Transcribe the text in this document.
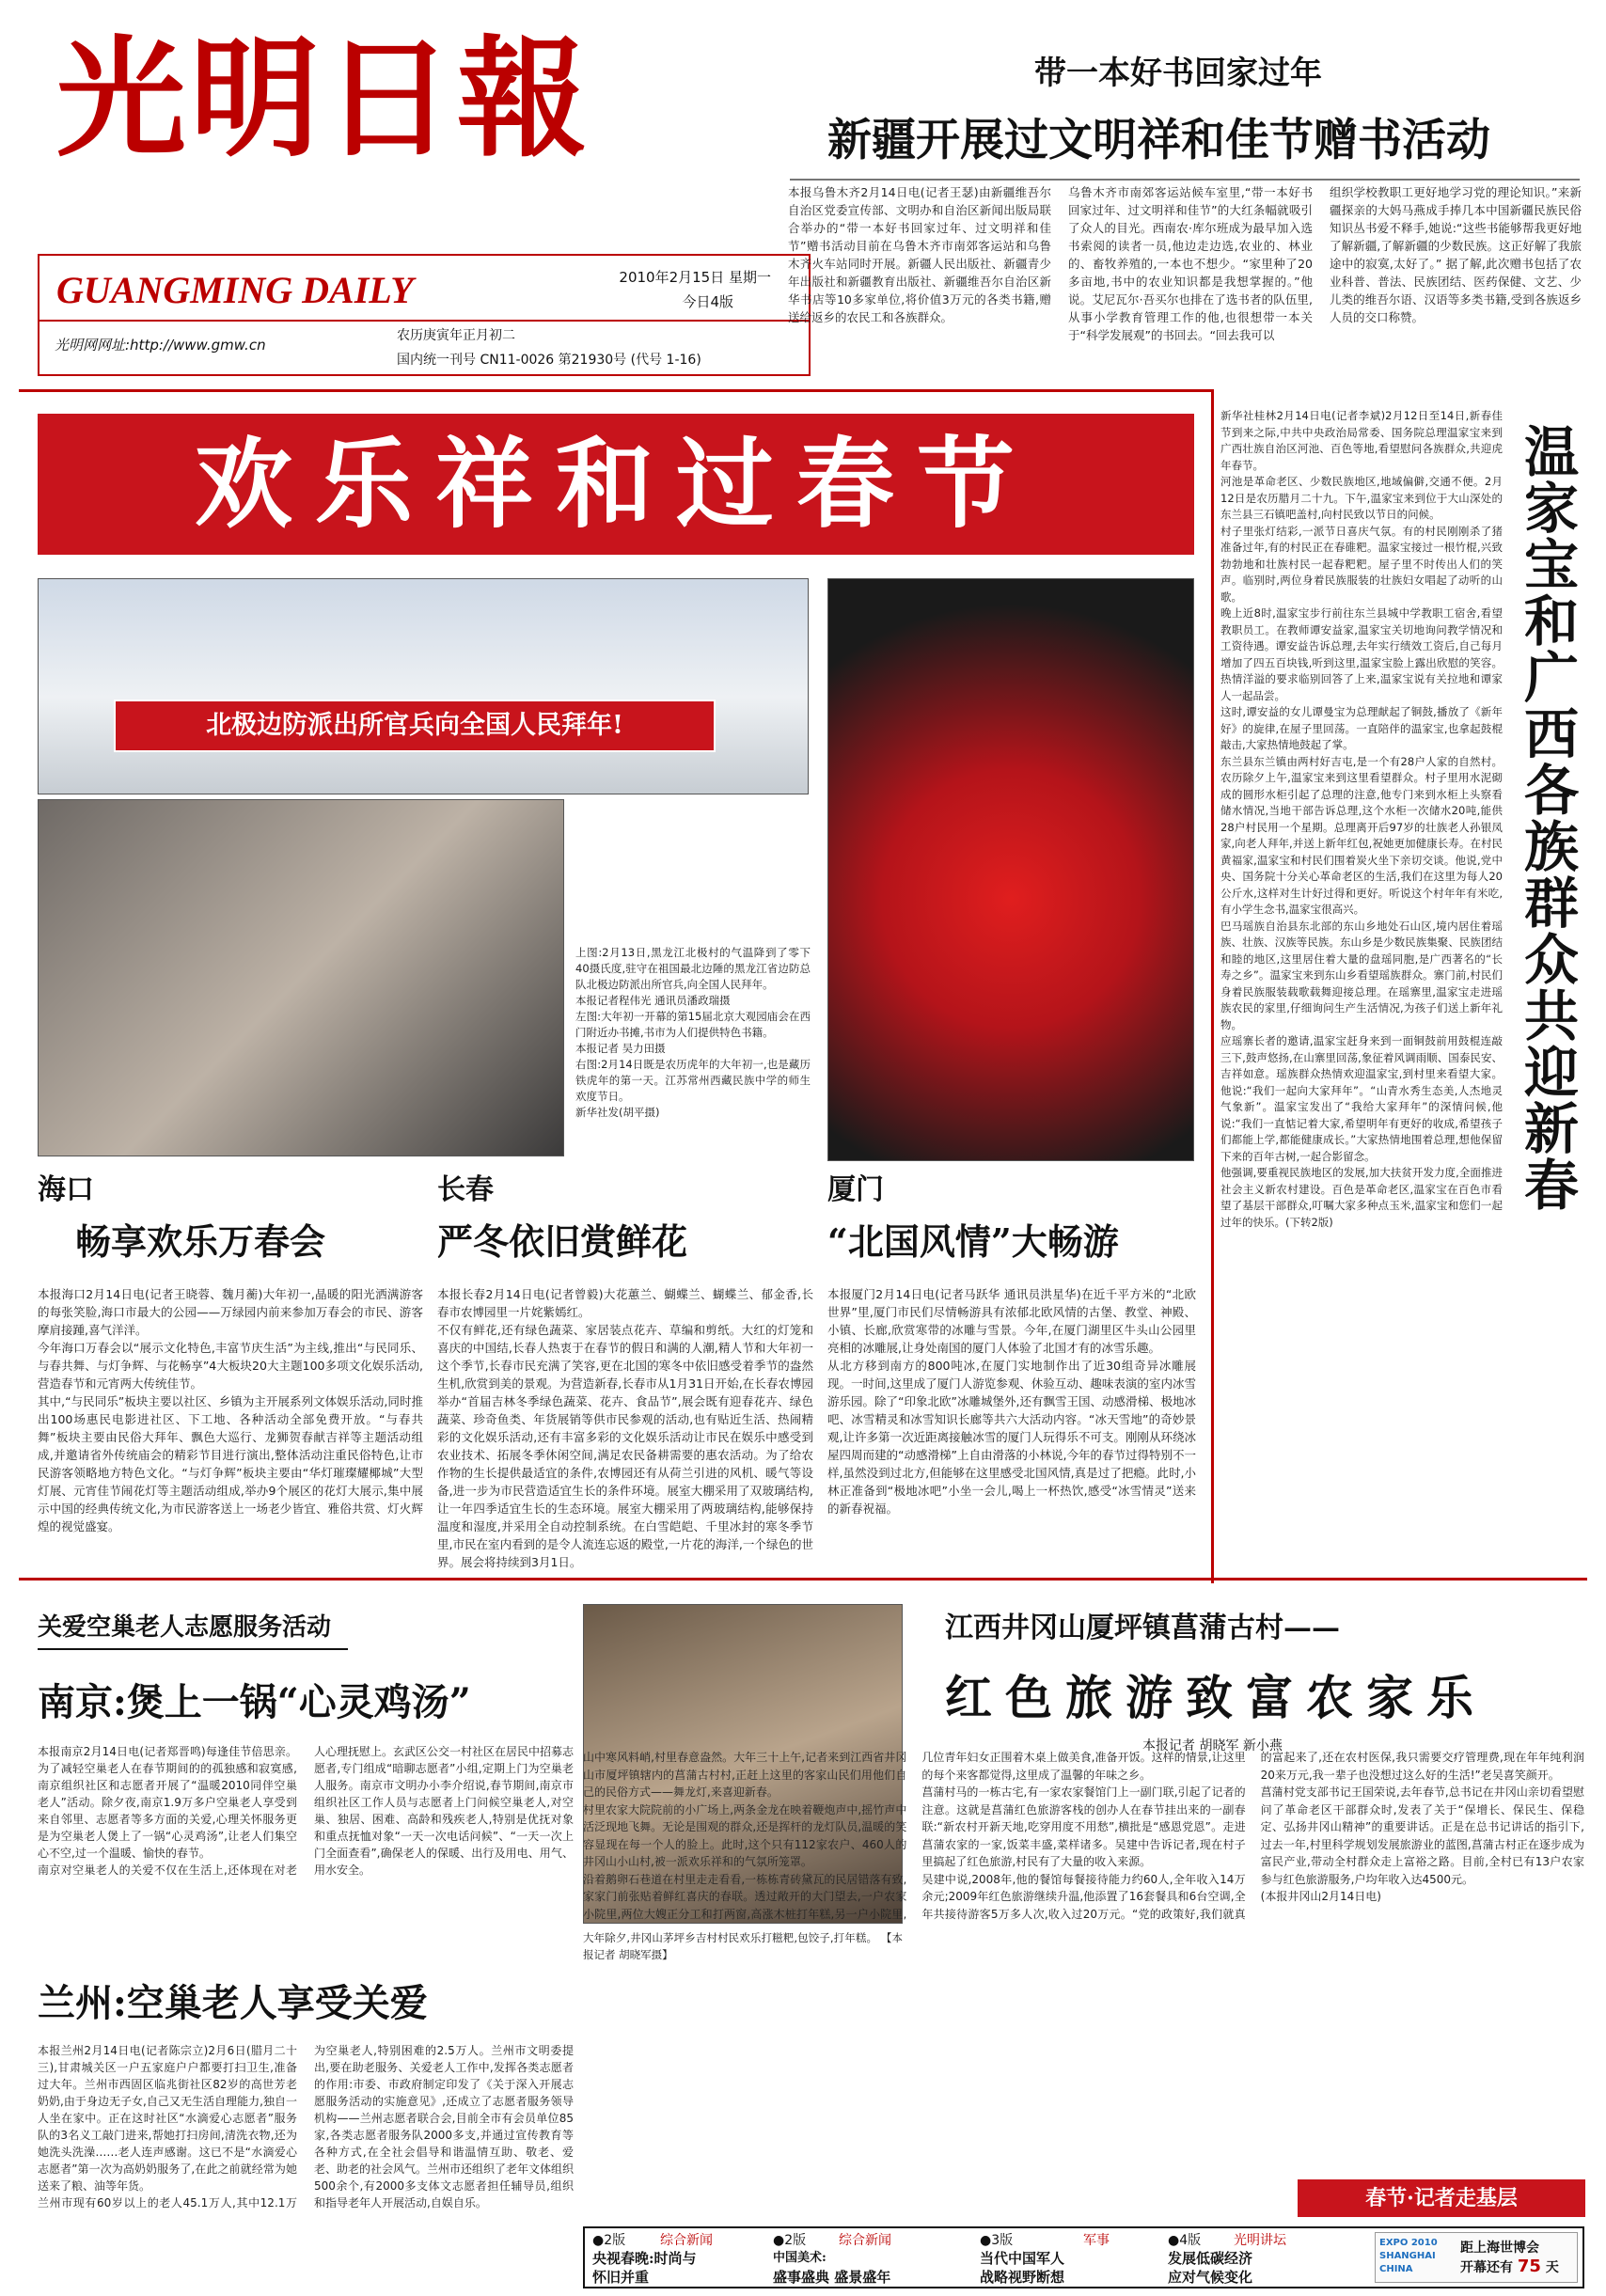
光明日報
GUANGMING DAILY	2010年2月15日 星期一
今日4版
光明网网址:http://www.gmw.cn
农历庚寅年正月初二
国内统一刊号 CN11-0026 第21930号 (代号 1-16)
带一本好书回家过年
新疆开展过文明祥和佳节赠书活动
本报乌鲁木齐2月14日电(记者王瑟)由新疆维吾尔自治区党委宣传部、文明办和自治区新闻出版局联合举办的“带一本好书回家过年、过文明祥和佳节”赠书活动目前在乌鲁木齐市南郊客运站和乌鲁木齐火车站同时开展。新疆人民出版社、新疆青少年出版社和新疆教育出版社、新疆维吾尔自治区新华书店等10多家单位,将价值3万元的各类书籍,赠送给返乡的农民工和各族群众。
乌鲁木齐市南郊客运站候车室里,“带一本好书回家过年、过文明祥和佳节”的大红条幅就吸引了众人的目光。西南农·库尔班成为最早加入选书索阅的读者一员,他边走边选,农业的、林业的、畜牧养殖的,一本也不想少。“家里种了20多亩地,书中的农业知识都是我想掌握的。”他说。艾尼瓦尔·吾买尔也排在了选书者的队伍里,从事小学教育管理工作的他,也很想带一本关于“科学发展观”的书回去。“回去我可以
组织学校教职工更好地学习党的理论知识。”来新疆探亲的大妈马燕成手捧几本中国新疆民族民俗知识丛书爱不释手,她说:“这些书能够帮我更好地了解新疆,了解新疆的少数民族。这正好解了我旅途中的寂寞,太好了。” 据了解,此次赠书包括了农业科普、普法、民族团结、医药保健、文艺、少儿类的维吾尔语、汉语等多类书籍,受到各族返乡人员的交口称赞。
欢乐祥和过春节
北极边防派出所官兵向全国人民拜年!
上图:2月13日,黑龙江北极村的气温降到了零下40摄氏度,驻守在祖国最北边陲的黑龙江省边防总队北极边防派出所官兵,向全国人民拜年。
本报记者程伟光 通讯员潘政瑞摄
左图:大年初一开幕的第15届北京大观园庙会在西门附近办书摊,书市为人们提供特色书籍。
本报记者 吴力田摄
右图:2月14日既是农历虎年的大年初一,也是藏历铁虎年的第一天。江苏常州西藏民族中学的师生欢度节日。
新华社发(胡平摄)
海口
畅享欢乐万春会
本报海口2月14日电(记者王晓蓉、魏月蘅)大年初一,晶暖的阳光洒满游客的每张笑脸,海口市最大的公园——万绿园内前来参加万春会的市民、游客摩肩接踵,喜气洋洋。
今年海口万春会以“展示文化特色,丰富节庆生活”为主线,推出“与民同乐、与春共舞、与灯争辉、与花畅享”4大板块20大主题100多项文化娱乐活动,营造春节和元宵两大传统佳节。
其中,“与民同乐”板块主要以社区、乡镇为主开展系列文体娱乐活动,同时推出100场惠民电影进社区、下工地、各种活动全部免费开放。“与春共舞”板块主要由民俗大拜年、飘色大巡行、龙狮贺春献吉祥等主题活动组成,并邀请省外传统庙会的精彩节目进行演出,整体活动注重民俗特色,让市民游客领略地方特色文化。“与灯争辉”板块主要由“华灯璀璨耀椰城”大型灯展、元宵佳节闹花灯等主题活动组成,举办9个展区的花灯大展示,集中展示中国的经典传统文化,为市民游客送上一场老少皆宜、雅俗共赏、灯火辉煌的视觉盛宴。
长春
严冬依旧赏鲜花
本报长春2月14日电(记者曾毅)大花蕙兰、蝴蝶兰、蝴蝶兰、郁金香,长春市农博园里一片姹紫嫣红。
不仅有鲜花,还有绿色蔬菜、家居装点花卉、草编和剪纸。大红的灯笼和喜庆的中国结,长春人热衷于在春节的假日和满的人潮,精人节和大年初一这个季节,长春市民充满了笑容,更在北国的寒冬中依旧感受着季节的盎然生机,欣赏到美的景观。为营造新春,长春市从1月31日开始,在长春农博园举办“首届吉林冬季绿色蔬菜、花卉、食品节”,展会既有迎春花卉、绿色蔬菜、珍奇鱼类、年货展销等供市民参观的活动,也有贴近生活、热闹精彩的文化娱乐活动,还有丰富多彩的文化娱乐活动让市民在娱乐中感受到农业技术、拓展冬季休闲空间,满足农民备耕需要的惠农活动。为了给农作物的生长提供最适宜的条件,农博园还有从荷兰引进的风机、暖气等设备,进一步为市民营造适宜生长的条件环境。展室大棚采用了双玻璃结构,让一年四季适宜生长的生态环境。展室大棚采用了两玻璃结构,能够保持温度和湿度,并采用全自动控制系统。在白雪皑皑、千里冰封的寒冬季节里,市民在室内看到的是令人流连忘返的殿堂,一片花的海洋,一个绿色的世界。展会将持续到3月1日。
厦门
“北国风情”大畅游
本报厦门2月14日电(记者马跃华 通讯员洪星华)在近千平方米的“北欧世界”里,厦门市民们尽情畅游具有浓郁北欧风情的古堡、教堂、神殿、小镇、长廊,欣赏寒带的冰雕与雪景。今年,在厦门湖里区牛头山公园里亮相的冰雕展,让身处南国的厦门人体验了北国才有的冰雪乐趣。
从北方移到南方的800吨冰,在厦门实地制作出了近30组奇异冰雕展现。一时间,这里成了厦门人游览参观、休验互动、趣味表演的室内冰雪游乐园。除了“印象北欧”冰雕城堡外,还有飘雪王国、动感滑梯、极地冰吧、冰雪精灵和冰雪知识长廊等共六大活动内容。“冰天雪地”的奇妙景观,让许多第一次近距离接触冰雪的厦门人玩得乐不可支。刚刚从环绕冰屋四周而建的“动感滑梯”上自由滑落的小林说,今年的春节过得特别不一样,虽然没到过北方,但能够在这里感受北国风情,真是过了把瘾。此时,小林正准备到“极地冰吧”小坐一会儿,喝上一杯热饮,感受“冰雪情灵”送来的新春祝福。
新华社桂林2月14日电(记者李斌)2月12日至14日,新春佳节到来之际,中共中央政治局常委、国务院总理温家宝来到广西壮族自治区河池、百色等地,看望慰问各族群众,共迎虎年春节。
河池是革命老区、少数民族地区,地域偏僻,交通不便。2月12日是农历腊月二十九。下午,温家宝来到位于大山深处的东兰县三石镇吧盖村,向村民致以节日的问候。
村子里张灯结彩,一派节日喜庆气氛。有的村民刚刚杀了猪准备过年,有的村民正在春碓粑。温家宝接过一根竹棍,兴致勃勃地和壮族村民一起春粑粑。屋子里不时传出人们的笑声。临别时,两位身着民族服装的壮族妇女唱起了动听的山歌。
晚上近8时,温家宝步行前往东兰县城中学教职工宿舍,看望教职员工。在教师谭安益家,温家宝关切地询问教学情况和工资待遇。谭安益告诉总理,去年实行绩效工资后,自己每月增加了四五百块钱,听到这里,温家宝脸上露出欣慰的笑容。热情洋溢的要求临别回答了上来,温家宝说有关拉地和谭家人一起品尝。
这时,谭安益的女儿谭曼宝为总理献起了铜鼓,播放了《新年好》的旋律,在屋子里回荡。一直陪伴的温家宝,也拿起鼓棍敲击,大家热情地鼓起了掌。
东兰县东兰镇由两村好吉屯,是一个有28户人家的自然村。农历除夕上午,温家宝来到这里看望群众。村子里用水泥砌成的圆形水柜引起了总理的注意,他专门来到水柜上头察看储水情况,当地干部告诉总理,这个水柜一次储水20吨,能供28户村民用一个星期。总理离开后97岁的壮族老人孙银凤家,向老人拜年,并送上新年红包,祝她更加健康长寿。在村民黄福家,温家宝和村民们围着炭火坐下亲切交谈。他说,党中央、国务院十分关心革命老区的生活,我们在这里为每人20公斤水,这样对生计好过得和更好。听说这个村年年有米吃,有小学生念书,温家宝很高兴。
巴马瑶族自治县东北部的东山乡地处石山区,境内居住着瑶族、壮族、汉族等民族。东山乡是少数民族集聚、民族团结和睦的地区,这里居住着大量的盘瑶同胞,是广西著名的“长寿之乡”。温家宝来到东山乡看望瑶族群众。寨门前,村民们身着民族服装载歌载舞迎接总理。在瑶寨里,温家宝走进瑶族农民的家里,仔细询问生产生活情况,为孩子们送上新年礼物。
应瑶寨长者的邀请,温家宝赶身来到一面铜鼓前用鼓棍连敲三下,鼓声悠扬,在山寨里回荡,象征着风调雨顺、国泰民安、吉祥如意。瑶族群众热情欢迎温家宝,到村里来看望大家。他说:“我们一起向大家拜年”。“山青水秀生态美,人杰地灵气象新”。温家宝发出了“我给大家拜年”的深情问候,他说:“我们一直惦记着大家,希望明年有更好的收成,希望孩子们都能上学,都能健康成长。”大家热情地围着总理,想他保留下来的百年古树,一起合影留念。
他强调,要重视民族地区的发展,加大扶贫开发力度,全面推进社会主义新农村建设。百色是革命老区,温家宝在百色市看望了基层干部群众,叮嘱大家多种点玉米,温家宝和您们一起过年的快乐。(下转2版)
温家宝和广西各族群众共迎新春
关爱空巢老人志愿服务活动
南京:煲上一锅“心灵鸡汤”
本报南京2月14日电(记者郑晋鸣)每逢佳节倍思亲。为了减轻空巢老人在春节期间的的孤独感和寂寞感,南京组织社区和志愿者开展了“温暖2010同伴空巢老人”活动。除夕夜,南京1.9万多户空巢老人享受到来自邻里、志愿者等多方面的关爱,心理关怀服务更是为空巢老人煲上了一锅“心灵鸡汤”,让老人们集空心不空,过一个温暖、愉快的春节。
南京对空巢老人的关爱不仅在生活上,还体现在对老人心理抚慰上。玄武区公交一村社区在居民中招募志愿者,专门组成“暗聊志愿者”小组,定期上门为空巢老人服务。南京市文明办小李介绍说,春节期间,南京市组织社区工作人员与志愿者上门问候空巢老人,对空巢、独居、困难、高龄和残疾老人,特别是优抚对象和重点抚恤对象“一天一次电话问候”、“一天一次上门全面查看”,确保老人的保暖、出行及用电、用气、用水安全。
兰州:空巢老人享受关爱
本报兰州2月14日电(记者陈宗立)2月6日(腊月二十三),甘肃城关区一户五家庭户户都要打扫卫生,准备过大年。兰州市西固区临兆街社区82岁的高世芳老奶奶,由于身边无子女,自己又无生活自理能力,独自一人坐在家中。正在这时社区“水滴爱心志愿者”服务队的3名义工敲门进来,帮她打扫房间,清洗衣物,还为她洗头洗澡……老人连声感谢。这已不是“水滴爱心志愿者”第一次为高奶奶服务了,在此之前就经常为她送来了粮、油等年货。
兰州市现有60岁以上的老人45.1万人,其中12.1万为空巢老人,特别困难的2.5万人。兰州市文明委提出,要在助老服务、关爱老人工作中,发挥各类志愿者的作用:市委、市政府制定印发了《关于深入开展志愿服务活动的实施意见》,还成立了志愿者服务领导机构——兰州志愿者联合会,目前全市有会员单位85家,各类志愿者服务队2000多支,并通过宣传教育等各种方式,在全社会倡导和谐温情互助、敬老、爱老、助老的社会风气。兰州市还组织了老年文体组织500余个,有2000多支体文志愿者担任辅导员,组织和指导老年人开展活动,自娱自乐。
大年除夕,井冈山茅坪乡吉村村民欢乐打糍粑,包饺子,打年糕。 【本报记者 胡晓军摄】
江西井冈山厦坪镇菖蒲古村——
红色旅游致富农家乐
本报记者 胡晓军 新小燕
山中寒风料峭,村里春意盎然。大年三十上午,记者来到江西省井冈山市厦坪镇辖内的菖蒲古村村,正赶上这里的客家山民们用他们自己的民俗方式——舞龙灯,来喜迎新春。
村里农家大院院前的小广场上,两条金龙在映着鞭炮声中,摇竹声中活泛现地飞舞。无论是围观的群众,还是挥杆的龙灯队员,温暖的笑容显现在每一个人的脸上。此时,这个只有112家农户、460人的井冈山小山村,被一派欢乐祥和的气氛所笼罩。
沿着鹅卵石巷道在村里走走看看,一栋栋青砖黛瓦的民居错落有致,家家门前张贴着鲜红喜庆的春联。透过敞开的大门望去,一户农家小院里,两位大嫂正分工和打两窗,高涨木桩打年糕,另一户小院里,几位青年妇女正围着木桌上做美食,准备开饭。这样的情景,让这里的每个来客都觉得,这里成了温馨的年味之乡。
菖蒲村马的一栋古宅,有一家农家餐馆门上一副门联,引起了记者的注意。这就是菖蒲红色旅游客栈的创办人在春节挂出来的一副春联:“新农村开新天地,吃穿用度不用愁”,横批是“感恩党恩”。走进菖蒲农家的一家,饭菜丰盛,菜样诸多。吴建中告诉记者,现在村子里搞起了红色旅游,村民有了大量的收入来源。
吴建中说,2008年,他的餐馆每餐接待能力约60人,全年收入14万余元;2009年红色旅游继续升温,他添置了16套餐具和6台空调,全年共接待游客5万多人次,收入过20万元。“党的政策好,我们就真的富起来了,还在农村医保,我只需要交疗管理费,现在年年纯利润20来万元,我一辈子也没想过这么好的生活!”老吴喜笑颜开。
菖蒲村党支部书记王国荣说,去年春节,总书记在井冈山亲切看望慰问了革命老区干部群众时,发表了关于“保增长、保民生、保稳定、弘扬井冈山精神”的重要讲话。正是在总书记讲话的指引下,过去一年,村里科学规划发展旅游业的蓝图,菖蒲古村正在逐步成为富民产业,带动全村群众走上富裕之路。目前,全村已有13户农家参与红色旅游服务,户均年收入达4500元。
(本报井冈山2月14日电)
春节·记者走基层
●2版	综合新闻	●2版 综合新闻	●3版	军事	●4版 光明讲坛
央视春晚:时尚与
怀旧并重
中国美术:
盛事盛典 盛景盛年
当代中国军人
战略视野断想
发展低碳经济
应对气候变化
EXPO 2010 SHANGHAI CHINA
距上海世博会
开幕还有 75 天
